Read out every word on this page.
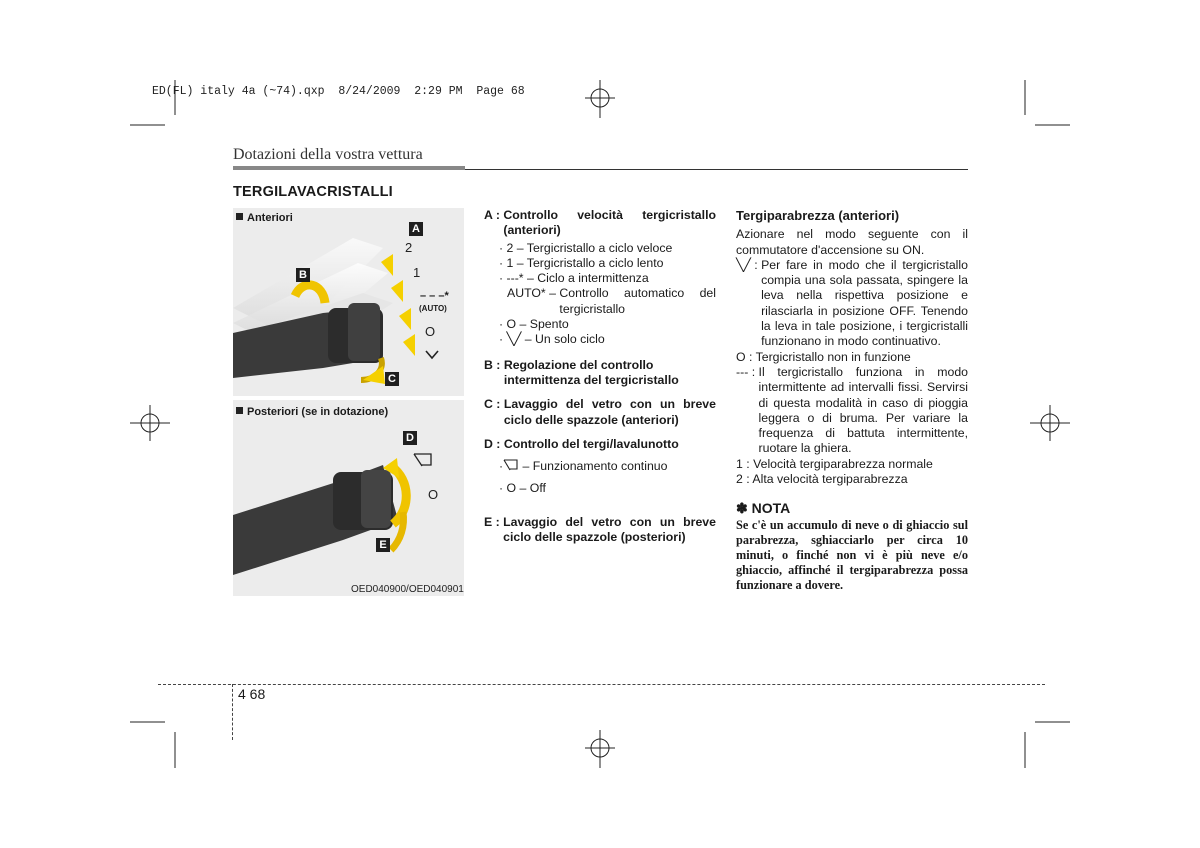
ED(FL) italy 4a (~74).qxp  8/24/2009  2:29 PM  Page 68
Dotazioni della vostra vettura
TERGILAVACRISTALLI
Anteriori
A
B
C
2
1
– – –*
(AUTO)
O
Posteriori (se in dotazione)
D
E
O
OED040900/OED040901
A : Controllo velocità tergicristallo (anteriori)

· 2 – Tergicristallo a ciclo veloce

· 1 – Tergicristallo a ciclo lento

· ---* – Ciclo a intermittenza

AUTO* – Controllo automatico del tergicristallo

· O – Spento

· ╲╱ – Un solo ciclo

B : Regolazione del controllo intermittenza del tergicristallo
C : Lavaggio del vetro con un breve ciclo delle spazzole (anteriori)
D : Controllo del tergi/lavalunotto

· – Funzionamento continuo

· O – Off

E : Lavaggio del vetro con un breve ciclo delle spazzole (posteriori)

Tergiparabrezza (anteriori)

Azionare nel modo seguente con il commutatore d'accensione su ON.

╲╱ : Per fare in modo che il tergicristallo compia una sola passata, spingere la leva nella rispettiva posizione e rilasciarla in posizione OFF. Tenendo la leva in tale posizione, i tergicristalli funzionano in modo continuativo.

O : Tergicristallo non in funzione

--- : Il tergicristallo funziona in modo intermittente ad intervalli fissi. Servirsi di questa modalità in caso di pioggia leggera o di bruma. Per variare la frequenza di battuta intermittente, ruotare la ghiera.

1 : Velocità tergiparabrezza normale

2 : Alta velocità tergiparabrezza

✽ NOTA

Se c'è un accumulo di neve o di ghiaccio sul parabrezza, sghiacciarlo per circa 10 minuti, o finché non vi è più neve e/o ghiaccio, affinché il tergiparabrezza possa funzionare a dovere.

4 68
